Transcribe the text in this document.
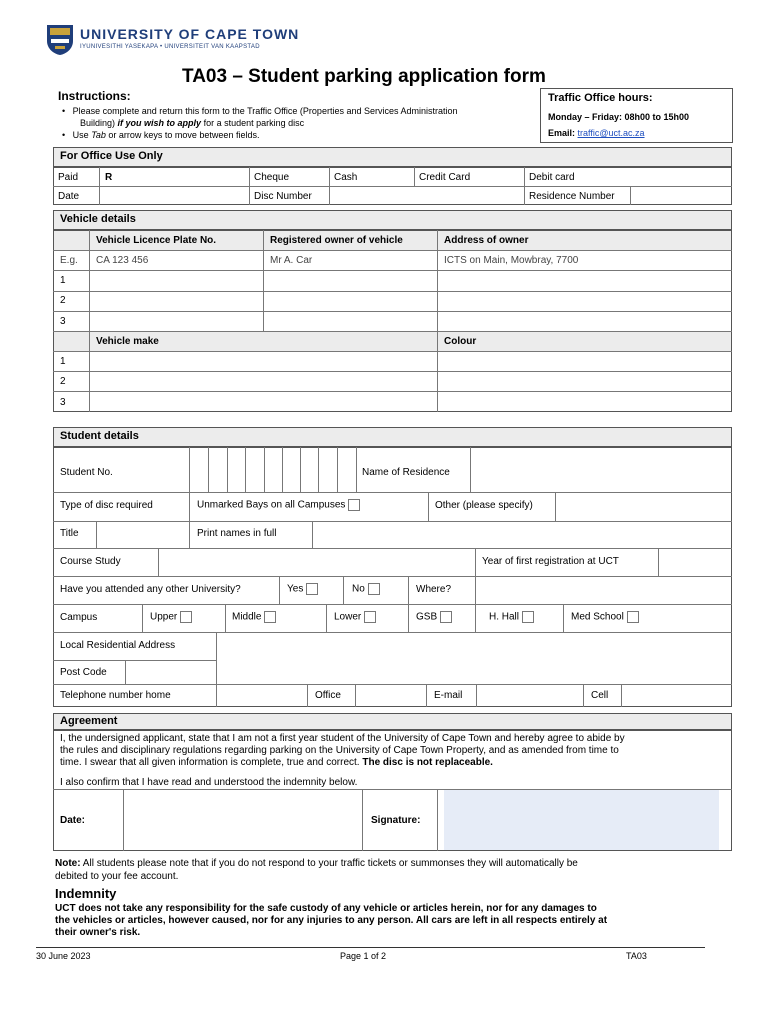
UNIVERSITY OF CAPE TOWN
IYUNIVESITHI YASEKAPA • UNIVERSITEIT VAN KAAPSTAD
TA03 – Student parking application form
Instructions:
•   Please complete and return this form to the Traffic Office (Properties and Services Administration
Building) if you wish to apply for a student parking disc
•   Use Tab or arrow keys to move between fields.
Traffic Office hours:
Monday – Friday: 08h00 to 15h00
Email: traffic@uct.ac.za
For Office Use Only
Paid	R	Cheque	Cash	Credit Card	Debit card
Date	Disc Number	Residence Number
Vehicle details
Vehicle Licence Plate No.	Registered owner of vehicle	Address of owner
E.g. CA 123 456	Mr A. Car	ICTS on Main, Mowbray, 7700
1
2
3
Vehicle make	Colour
1
2
3
Student details
Student No.	Name of Residence
Type of disc required	Unmarked Bays on all Campuses	Other (please specify)
Title	Print names in full
Course Study	Year of first registration at UCT
Have you attended any other University?	Yes	No	Where?
Campus	Upper	Middle	Lower	GSB	H. Hall	Med School
Local Residential Address
Post Code
Telephone number home	Office	E-mail	Cell
Agreement
I, the undersigned applicant, state that I am not a first year student of the University of Cape Town and hereby agree to abide by
the rules and disciplinary regulations regarding parking on the University of Cape Town Property, and as amended from time to
time. I swear that all given information is complete, true and correct. The disc is not replaceable.
I also confirm that I have read and understood the indemnity below.
Date:	Signature:
Note: All students please note that if you do not respond to your traffic tickets or summonses they will automatically be
debited to your fee account.
Indemnity
UCT does not take any responsibility for the safe custody of any vehicle or articles herein, nor for any damages to
the vehicles or articles, however caused, nor for any injuries to any person. All cars are left in all respects entirely at
their owner's risk.
30 June 2023	Page 1 of 2	TA03
